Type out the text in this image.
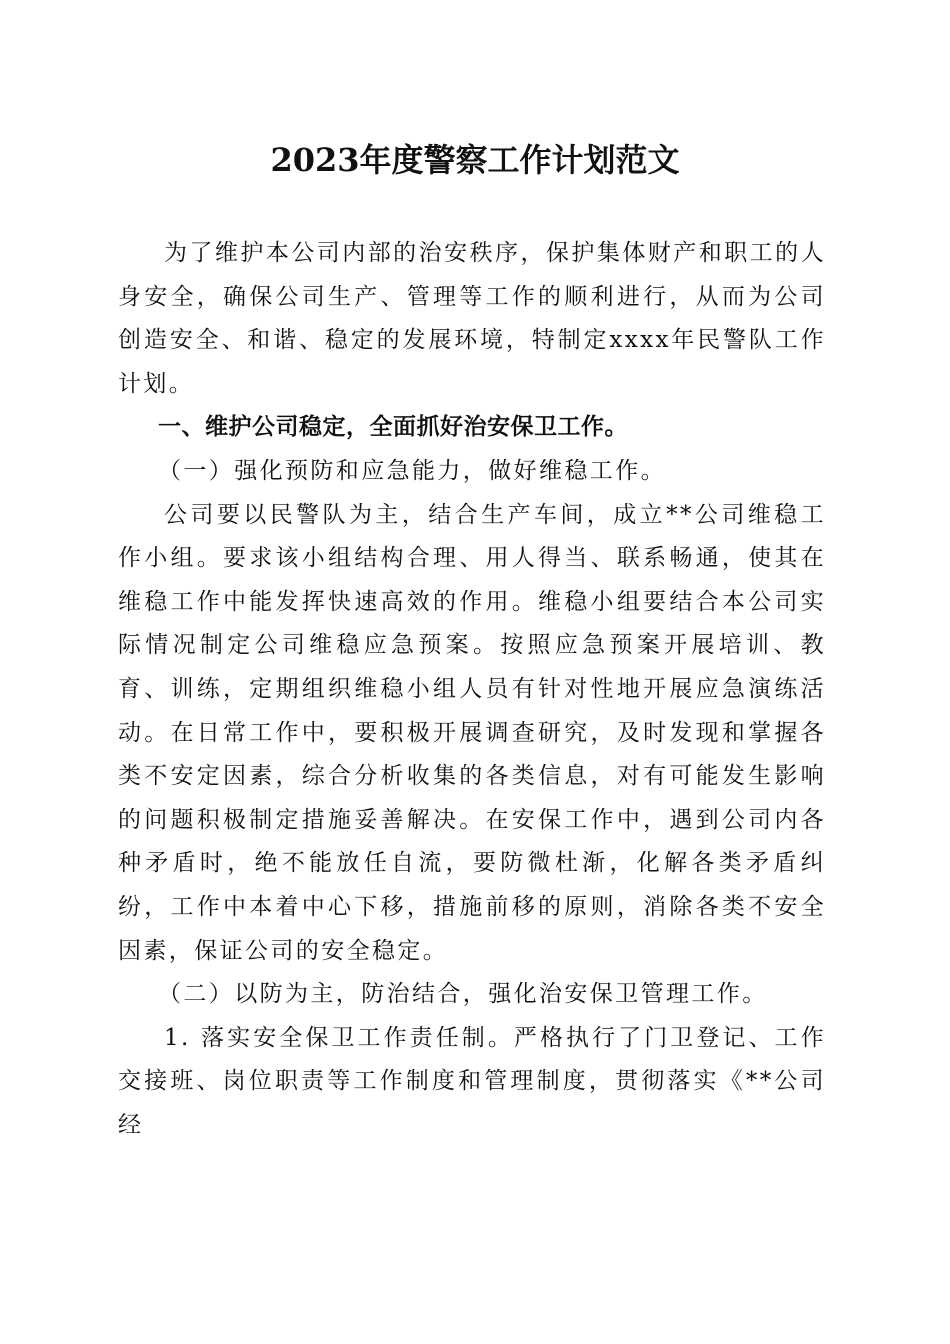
2023年度警察工作计划范文

为了维护本公司内部的治安秩序，保护集体财产和职工的人身安全，确保公司生产、管理等工作的顺利进行，从而为公司创造安全、和谐、稳定的发展环境，特制定xxxx年民警队工作计划。

一、维护公司稳定，全面抓好治安保卫工作。

（一）强化预防和应急能力，做好维稳工作。

公司要以民警队为主，结合生产车间，成立**公司维稳工作小组。要求该小组结构合理、用人得当、联系畅通，使其在维稳工作中能发挥快速高效的作用。维稳小组要结合本公司实际情况制定公司维稳应急预案。按照应急预案开展培训、教育、训练，定期组织维稳小组人员有针对性地开展应急演练活动。在日常工作中，要积极开展调查研究，及时发现和掌握各类不安定因素，综合分析收集的各类信息，对有可能发生影响的问题积极制定措施妥善解决。在安保工作中，遇到公司内各种矛盾时，绝不能放任自流，要防微杜渐，化解各类矛盾纠纷，工作中本着中心下移，措施前移的原则，消除各类不安全因素，保证公司的安全稳定。

（二）以防为主，防治结合，强化治安保卫管理工作。

1. 落实安全保卫工作责任制。严格执行了门卫登记、工作交接班、岗位职责等工作制度和管理制度，贯彻落实《**公司经
